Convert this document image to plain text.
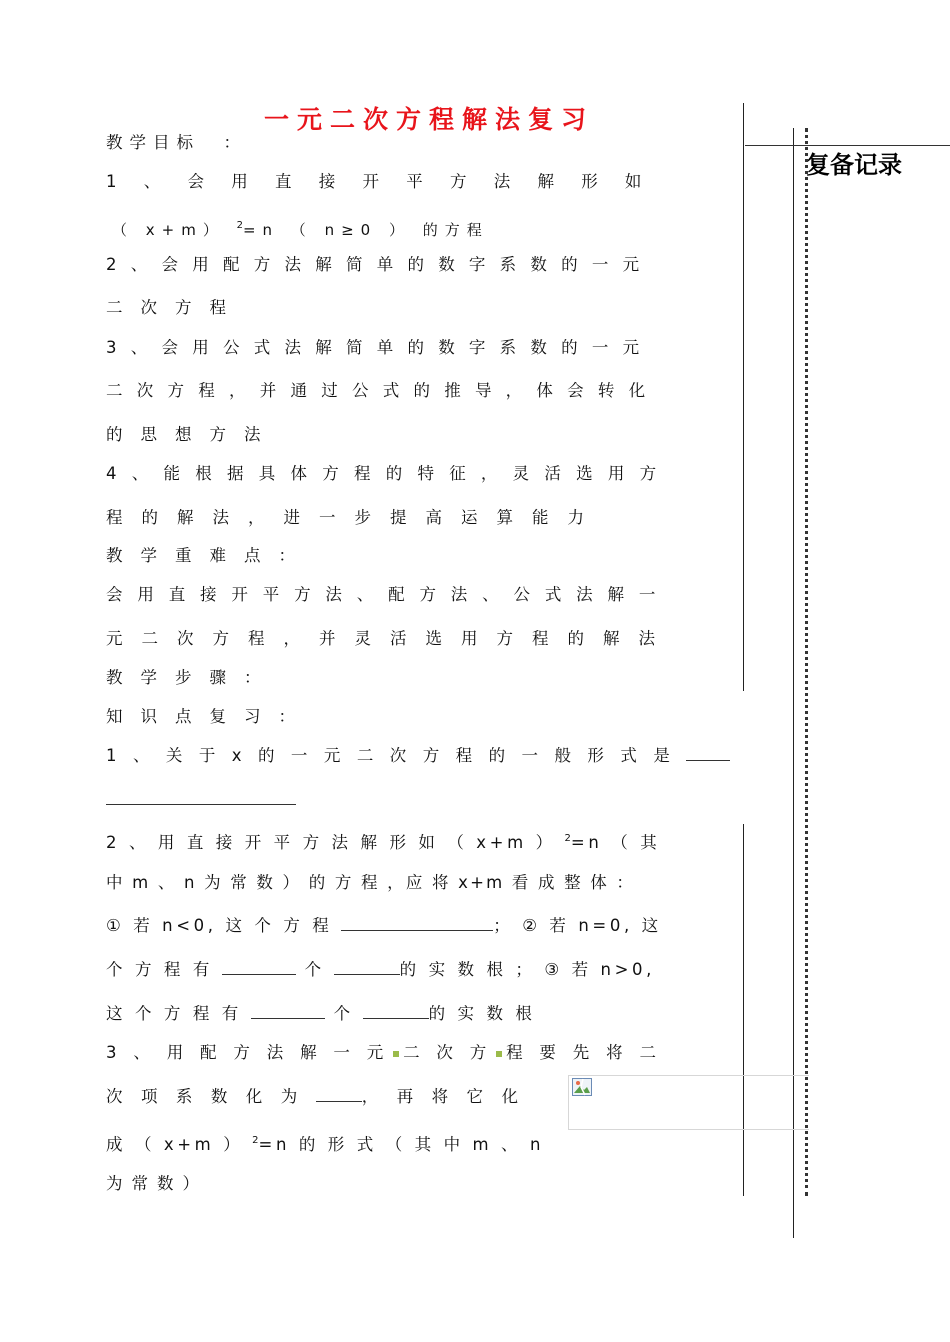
一元二次方程解法复习
复备记录
教学目标　：
1 、 会 用 直 接 开 平 方 法 解 形 如
（ x+m） $^2$=n （ n≥0 ） 的方程
2 、 会 用 配 方 法 解 简 单 的 数 字 系 数 的 一 元
二次方程
3 、 会 用 公 式 法 解 简 单 的 数 字 系 数 的 一 元
二 次 方 程 ， 并 通 过 公 式 的 推 导 ， 体 会 转 化
的思想方法
4 、 能 根 据 具 体 方 程 的 特 征 ， 灵 活 选 用 方
程的解法，进一步提高运算能力
教学重难点：
会 用 直 接 开 平 方 法 、 配 方 法 、 公 式 法 解 一
元二次方程，并灵活选用方程的解法
教学步骤：
知识点复习：
1 、 关 于 x 的 一 元 二 次 方 程 的 一 般 形 式 是
2 、 用 直 接 开 平 方 法 解 形 如 （ x+m ） $^2$=n （ 其
中 m 、 n 为 常 数 ） 的 方 程 ，应 将 x+m 看 成 整 体 ：
① 若 n<0, 这 个 方 程	； ② 若 n=0, 这
个 方 程 有	个	的 实 数 根 ； ③ 若 n>0,
这 个 方 程 有	个	的 实 数 根
3 、 用 配 方 法 解 一 元 二 次 方 程 要 先 将 二
次 项 系 数 化 为	， 再 将 它 化
成 （ x+m ） $^2$=n 的 形 式 （ 其 中 m 、 n
为常数）
